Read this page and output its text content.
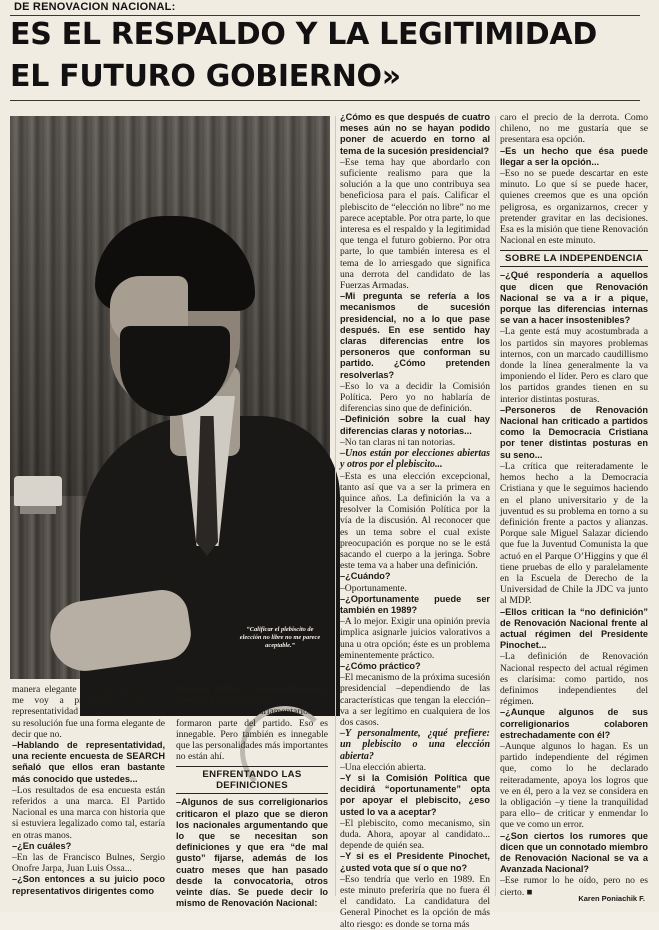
DE RENOVACION NACIONAL:
ES EL RESPALDO Y LA LEGITIMIDAD
EL FUTURO GOBIERNO»
“Calificar el plebiscito de elección no libre no me parece aceptable.”

manera elegante de decir que no. No me voy a pronunciar sobre la representatividad de esa asamblea, pero su resolución fue una forma elegante de decir que no.

–Hablando de representatividad, una reciente encuesta de SEARCH señaló que ellos eran bastante más conocido que ustedes...

–Los resultados de esa encuesta están referidos a una marca. El Partido Nacional es una marca con historia que si estuviera legalizado como tal, estaría en otras manos.

–¿En cuáles?

–En las de Francisco Bulnes, Sergio Onofre Jarpa, Juan Luis Ossa...

–¿Son entonces a su juicio poco representativos dirigentes como

Patricio Phillips, Germán Riesco y Fernando Ochagavía?

–Todos ellos son ex parlamentarios que formaron parte del partido. Eso es innegable. Pero también es innegable que las personalidades más importantes no están ahí.

ENFRENTANDO LAS DEFINICIONES

–Algunos de sus correligionarios criticaron el plazo que se dieron los nacionales argumentando que lo que se necesitan son definiciones y que era “de mal gusto” fijarse, además de los cuatro meses que han pasado desde la convocatoria, otros veinte días. Se puede decir lo mismo de Renovación Nacional:

¿Cómo es que después de cuatro meses aún no se hayan podido poner de acuerdo en torno al tema de la sucesión presidencial?

–Ese tema hay que abordarlo con suficiente realismo para que la solución a la que uno contribuya sea beneficiosa para el país. Calificar el plebiscito de “elección no libre” no me parece aceptable. Por otra parte, lo que interesa es el respaldo y la legitimidad que tenga el futuro gobierno. Por otra parte, lo que también interesa es el tema de lo arriesgado que significa una derrota del candidato de las Fuerzas Armadas.

–Mi pregunta se refería a los mecanismos de sucesión presidencial, no a lo que pase después. En ese sentido hay claras diferencias entre los personeros que conforman su partido. ¿Cómo pretenden resolverlas?

–Eso lo va a decidir la Comisión Política. Pero yo no hablaría de diferencias sino que de definición.

–Definición sobre la cual hay diferencias claras y notorias...

–No tan claras ni tan notorias.

–Unos están por elecciones abiertas y otros por el plebiscito...

–Esta es una elección excepcional, tanto así que va a ser la primera en quince años. La definición la va a resolver la Comisión Política por la vía de la discusión. Al reconocer que es un tema sobre el cual existe preocupación es porque no se le está sacando el cuerpo a la jeringa. Sobre este tema va a haber una definición.

–¿Cuándo?

–Oportunamente.

–¿Oportunamente puede ser también en 1989?

–A lo mejor. Exigir una opinión previa implica asignarle juicios valorativos a una u otra opción; éste es un problema eminentemente práctico.

–¿Cómo práctico?

–El mecanismo de la próxima sucesión presidencial –dependiendo de las características que tengan la elección– va a ser legítimo en cualquiera de los dos casos.

–Y personalmente, ¿qué prefiere: un plebiscito o una elección abierta?

–Una elección abierta.

–Y si la Comisión Política que decidirá “oportunamente” opta por apoyar el plebiscito, ¿eso usted lo va a aceptar?

–El plebiscito, como mecanismo, sin duda. Ahora, apoyar al candidato... depende de quién sea.

–Y si es el Presidente Pinochet, ¿usted vota que sí o que no?

–Eso tendría que verlo en 1989. En este minuto preferiría que no fuera él el candidato. La candidatura del General Pinochet es la opción de más alto riesgo: es donde se torna más

caro el precio de la derrota. Como chileno, no me gustaría que se presentara esa opción.

–Es un hecho que ésa puede llegar a ser la opción...

–Eso no se puede descartar en este minuto. Lo que sí se puede hacer, quienes creemos que es una opción peligrosa, es organizarnos, crecer y pretender gravitar en las decisiones. Esa es la misión que tiene Renovación Nacional en este minuto.

SOBRE LA INDEPENDENCIA

–¿Qué respondería a aquellos que dicen que Renovación Nacional se va a ir a pique, porque las diferencias internas se van a hacer insostenibles?

–La gente está muy acostumbrada a los partidos sin mayores problemas internos, con un marcado caudillismo donde la línea generalmente la va imponiendo el líder. Pero es claro que los partidos grandes tienen en su interior distintas posturas.

–Personeros de Renovación Nacional han criticado a partidos como la Democracia Cristiana por tener distintas posturas en su seno...

–La crítica que reiteradamente le hemos hecho a la Democracia Cristiana y que le seguimos haciendo en el plano universitario y de la juventud es su problema en torno a su definición frente a pactos y alianzas. Porque sale Miguel Salazar diciendo que fue la Juventud Comunista la que actuó en el Parque O’Higgins y que él tiene pruebas de ello y paralelamente en la Escuela de Derecho de la Universidad de Chile la JDC va junto al MDP.

–Ellos critican la “no definición” de Renovación Nacional frente al actual régimen del Presidente Pinochet...

–La definición de Renovación Nacional respecto del actual régimen es clarísima: como partido, nos definimos independientes del régimen.

–¿Aunque algunos de sus correligionarios colaboren estrechadamente con él?

–Aunque algunos lo hagan. Es un partido independiente del régimen que, como lo he declarado reiteradamente, apoya los logros que ve en él, pero a la vez se considera en la obligación –y tiene la tranquilidad para ello– de criticar y enmendar lo que ve como un error.

–¿Son ciertos los rumores que dicen que un connotado miembro de Renovación Nacional se va a Avanzada Nacional?

–Ese rumor lo he oído, pero no es cierto. ■

Karen Poniachik F.
